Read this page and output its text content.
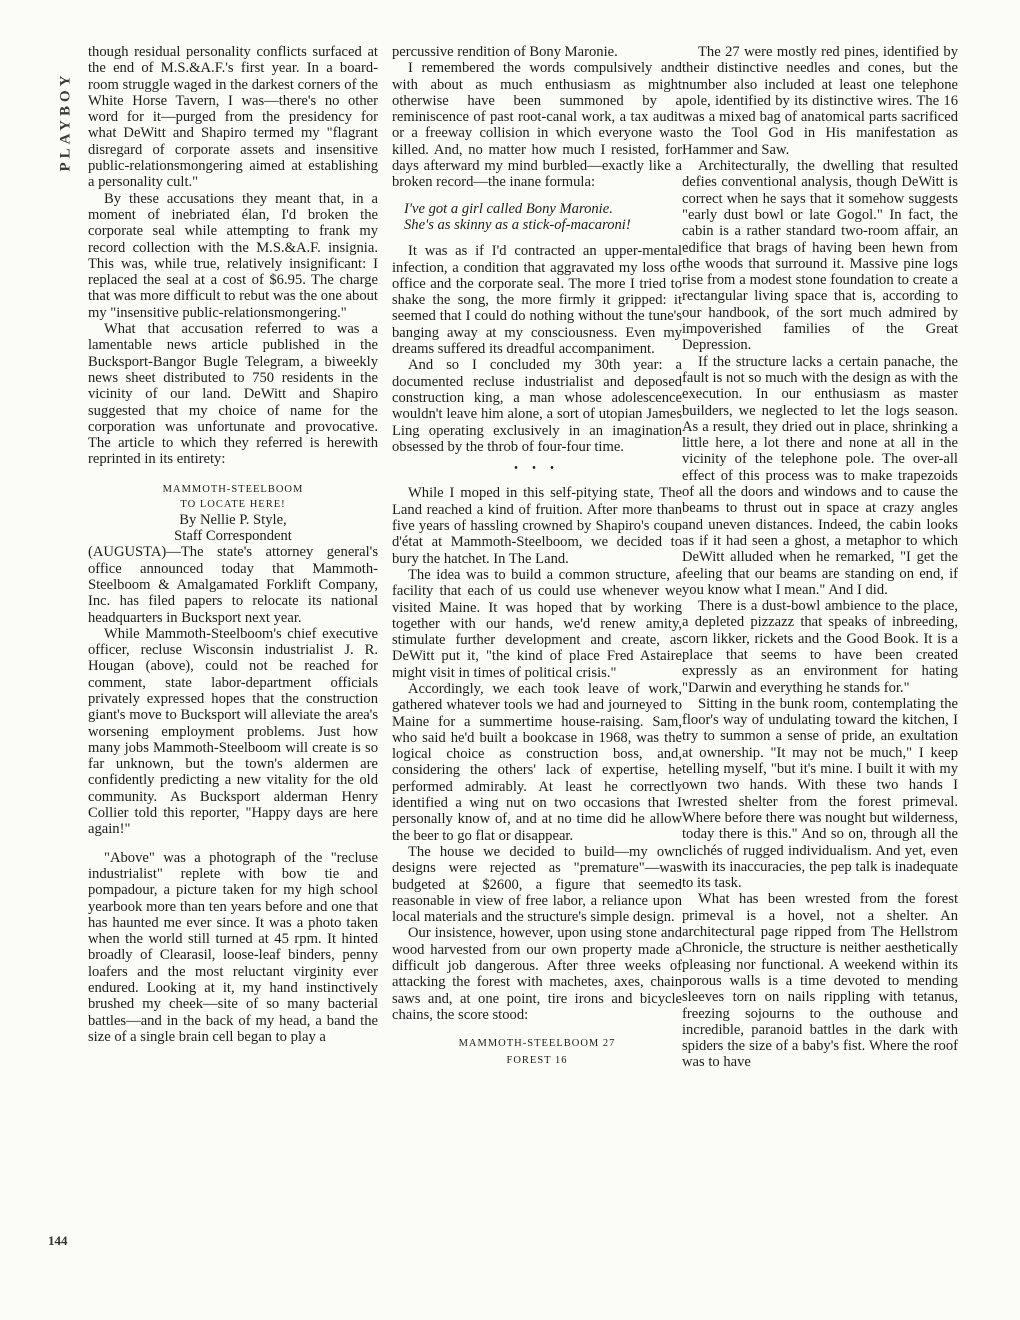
PLAYBOY
144

though residual personality conflicts surfaced at the end of M.S.&A.F.'s first year. In a board-room struggle waged in the darkest corners of the White Horse Tavern, I was—there's no other word for it—purged from the presidency for what DeWitt and Shapiro termed my "flagrant disregard of corporate assets and insensitive public-relationsmongering aimed at establishing a personality cult."

By these accusations they meant that, in a moment of inebriated élan, I'd broken the corporate seal while attempting to frank my record collection with the M.S.&A.F. insignia. This was, while true, relatively insignificant: I replaced the seal at a cost of $6.95. The charge that was more difficult to rebut was the one about my "insensitive public-relationsmongering."

What that accusation referred to was a lamentable news article published in the Bucksport-Bangor Bugle Telegram, a biweekly news sheet distributed to 750 residents in the vicinity of our land. DeWitt and Shapiro suggested that my choice of name for the corporation was unfortunate and provocative. The article to which they referred is herewith reprinted in its entirety:

MAMMOTH-STEELBOOM
TO LOCATE HERE!

By Nellie P. Style,

Staff Correspondent

(AUGUSTA)—The state's attorney general's office announced today that Mammoth-Steelboom & Amalgamated Forklift Company, Inc. has filed papers to relocate its national headquarters in Bucksport next year.

While Mammoth-Steelboom's chief executive officer, recluse Wisconsin industrialist J. R. Hougan (above), could not be reached for comment, state labor-department officials privately expressed hopes that the construction giant's move to Bucksport will alleviate the area's worsening employment problems. Just how many jobs Mammoth-Steelboom will create is so far unknown, but the town's aldermen are confidently predicting a new vitality for the old community. As Bucksport alderman Henry Collier told this reporter, "Happy days are here again!"

"Above" was a photograph of the "recluse industrialist" replete with bow tie and pompadour, a picture taken for my high school yearbook more than ten years before and one that has haunted me ever since. It was a photo taken when the world still turned at 45 rpm. It hinted broadly of Clearasil, loose-leaf binders, penny loafers and the most reluctant virginity ever endured. Looking at it, my hand instinctively brushed my cheek—site of so many bacterial battles—and in the back of my head, a band the size of a single brain cell began to play a

percussive rendition of Bony Maronie.

I remembered the words compulsively and with about as much enthusiasm as might otherwise have been summoned by a reminiscence of past root-canal work, a tax audit or a freeway collision in which everyone was killed. And, no matter how much I resisted, for days afterward my mind burbled—exactly like a broken record—the inane formula:

I've got a girl called Bony Maronie.
She's as skinny as a stick-of-macaroni!

It was as if I'd contracted an upper-mental infection, a condition that aggravated my loss of office and the corporate seal. The more I tried to shake the song, the more firmly it gripped: it seemed that I could do nothing without the tune's banging away at my consciousness. Even my dreams suffered its dreadful accompaniment.

And so I concluded my 30th year: a documented recluse industrialist and deposed construction king, a man whose adolescence wouldn't leave him alone, a sort of utopian James Ling operating exclusively in an imagination obsessed by the throb of four-four time.

• • •

While I moped in this self-pitying state, The Land reached a kind of fruition. After more than five years of hassling crowned by Shapiro's coup d'état at Mammoth-Steelboom, we decided to bury the hatchet. In The Land.

The idea was to build a common structure, a facility that each of us could use whenever we visited Maine. It was hoped that by working together with our hands, we'd renew amity, stimulate further development and create, as DeWitt put it, "the kind of place Fred Astaire might visit in times of political crisis."

Accordingly, we each took leave of work, gathered whatever tools we had and journeyed to Maine for a summertime house-raising. Sam, who said he'd built a bookcase in 1968, was the logical choice as construction boss, and, considering the others' lack of expertise, he performed admirably. At least he correctly identified a wing nut on two occasions that I personally know of, and at no time did he allow the beer to go flat or disappear.

The house we decided to build—my own designs were rejected as "premature"—was budgeted at $2600, a figure that seemed reasonable in view of free labor, a reliance upon local materials and the structure's simple design.

Our insistence, however, upon using stone and wood harvested from our own property made a difficult job dangerous. After three weeks of attacking the forest with machetes, axes, chain saws and, at one point, tire irons and bicycle chains, the score stood:

MAMMOTH-STEELBOOM 27
FOREST 16

The 27 were mostly red pines, identified by their distinctive needles and cones, but the number also included at least one telephone pole, identified by its distinctive wires. The 16 was a mixed bag of anatomical parts sacrificed to the Tool God in His manifestation as Hammer and Saw.

Architecturally, the dwelling that resulted defies conventional analysis, though DeWitt is correct when he says that it somehow suggests "early dust bowl or late Gogol." In fact, the cabin is a rather standard two-room affair, an edifice that brags of having been hewn from the woods that surround it. Massive pine logs rise from a modest stone foundation to create a rectangular living space that is, according to our handbook, of the sort much admired by impoverished families of the Great Depression.

If the structure lacks a certain panache, the fault is not so much with the design as with the execution. In our enthusiasm as master builders, we neglected to let the logs season. As a result, they dried out in place, shrinking a little here, a lot there and none at all in the vicinity of the telephone pole. The over-all effect of this process was to make trapezoids of all the doors and windows and to cause the beams to thrust out in space at crazy angles and uneven distances. Indeed, the cabin looks as if it had seen a ghost, a metaphor to which DeWitt alluded when he remarked, "I get the feeling that our beams are standing on end, if you know what I mean." And I did.

There is a dust-bowl ambience to the place, a depleted pizzazz that speaks of inbreeding, corn likker, rickets and the Good Book. It is a place that seems to have been created expressly as an environment for hating "Darwin and everything he stands for."

Sitting in the bunk room, contemplating the floor's way of undulating toward the kitchen, I try to summon a sense of pride, an exultation at ownership. "It may not be much," I keep telling myself, "but it's mine. I built it with my own two hands. With these two hands I wrested shelter from the forest primeval. Where before there was nought but wilderness, today there is this." And so on, through all the clichés of rugged individualism. And yet, even with its inaccuracies, the pep talk is inadequate to its task.

What has been wrested from the forest primeval is a hovel, not a shelter. An architectural page ripped from The Hellstrom Chronicle, the structure is neither aesthetically pleasing nor functional. A weekend within its porous walls is a time devoted to mending sleeves torn on nails rippling with tetanus, freezing sojourns to the outhouse and incredible, paranoid battles in the dark with spiders the size of a baby's fist. Where the roof was to have
